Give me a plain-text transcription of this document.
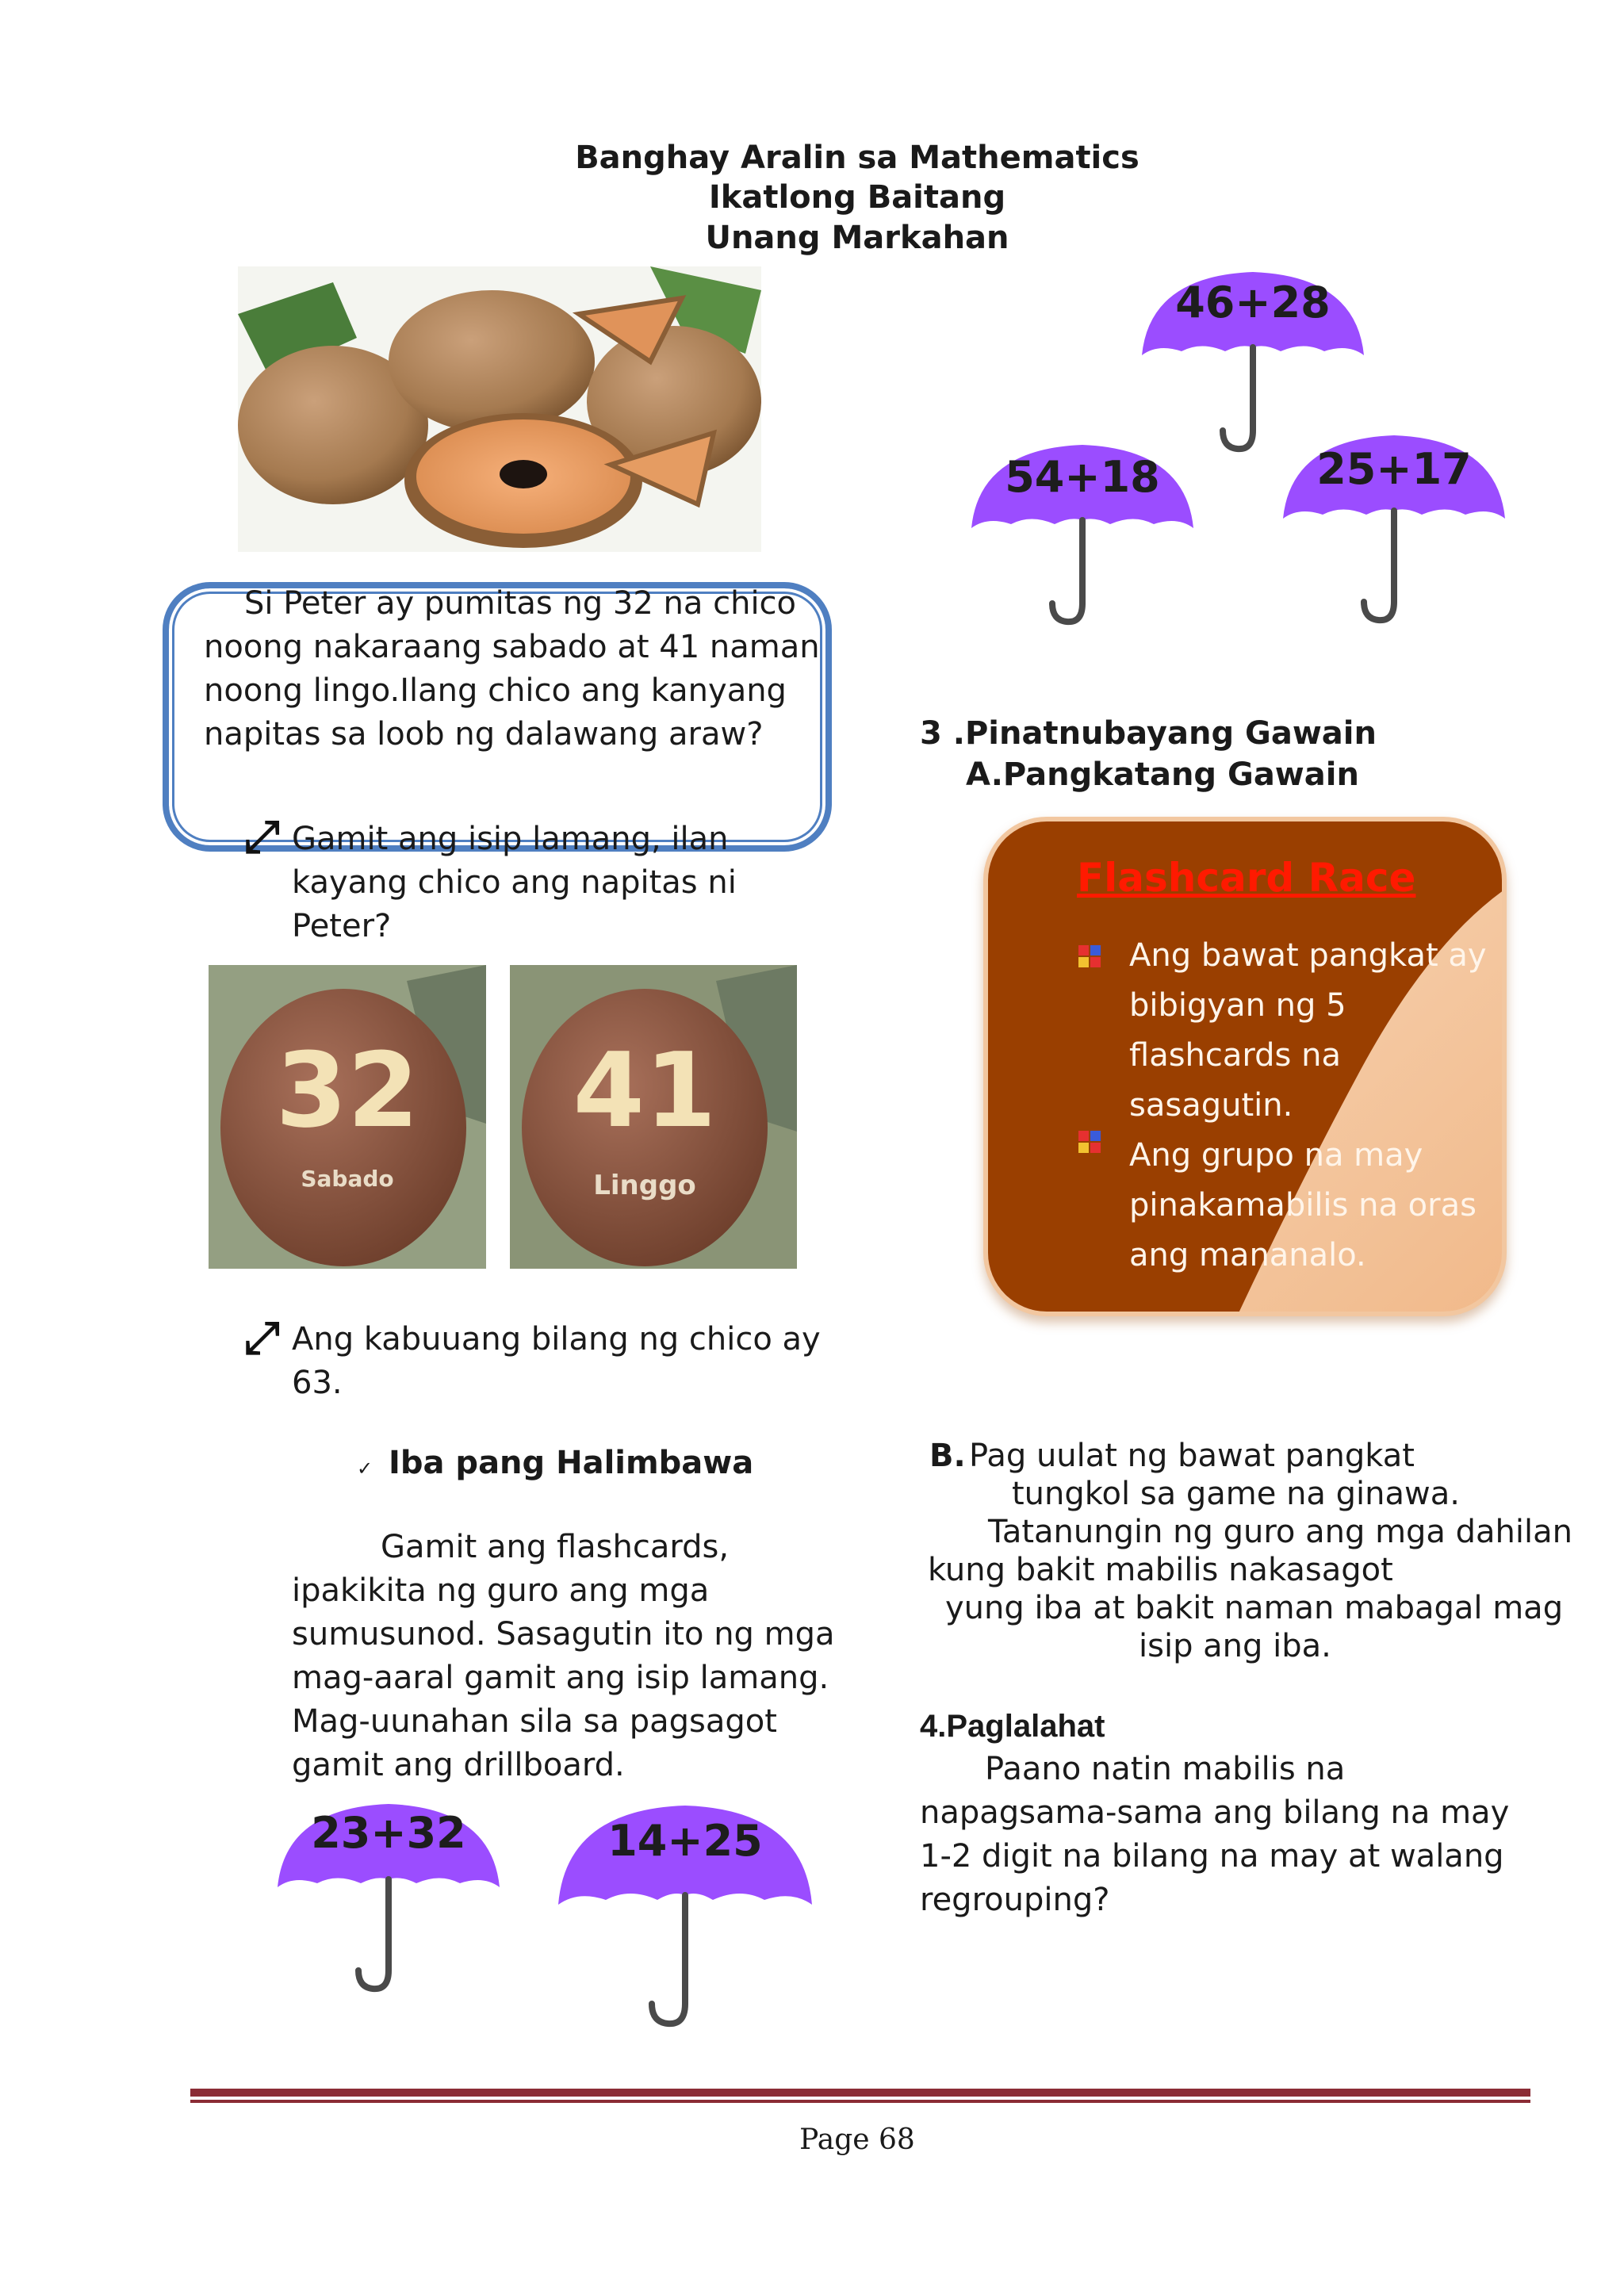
Banghay Aralin sa Mathematics
Ikatlong Baitang
Unang Markahan
Si Peter ay pumitas ng 32 na chico
noong nakaraang sabado at 41 naman
noong lingo.Ilang chico ang kanyang
napitas sa loob ng dalawang araw?
⤢ Gamit ang isip lamang, ilan
kayang chico ang napitas ni
Peter?
32
Sabado
41
Linggo
⤢ Ang kabuuang bilang ng chico ay
63.
✓ Iba pang Halimbawa
Gamit ang flashcards,
ipakikita ng guro ang mga
sumusunod. Sasagutin ito ng mga
mag-aaral gamit ang isip lamang.
Mag-uunahan sila sa pagsagot
gamit ang drillboard.
46+28
54+18	25+17
23+32	14+25
3 .Pinatnubayang Gawain
A.Pangkatang Gawain
Flashcard Race
Ang bawat pangkat ay
bibigyan ng 5
flashcards na
sasagutin.
Ang grupo na may
pinakamabilis na oras
ang mananalo.
B. Pag uulat ng bawat pangkat
tungkol sa game na ginawa.
Tatanungin ng guro ang mga dahilan
kung bakit mabilis nakasagot
yung iba at bakit naman mabagal mag
isip ang iba.
4.Paglalahat
Paano natin mabilis na
napagsama-sama ang bilang na may
1-2 digit na bilang na may at walang
regrouping?
Page 68
